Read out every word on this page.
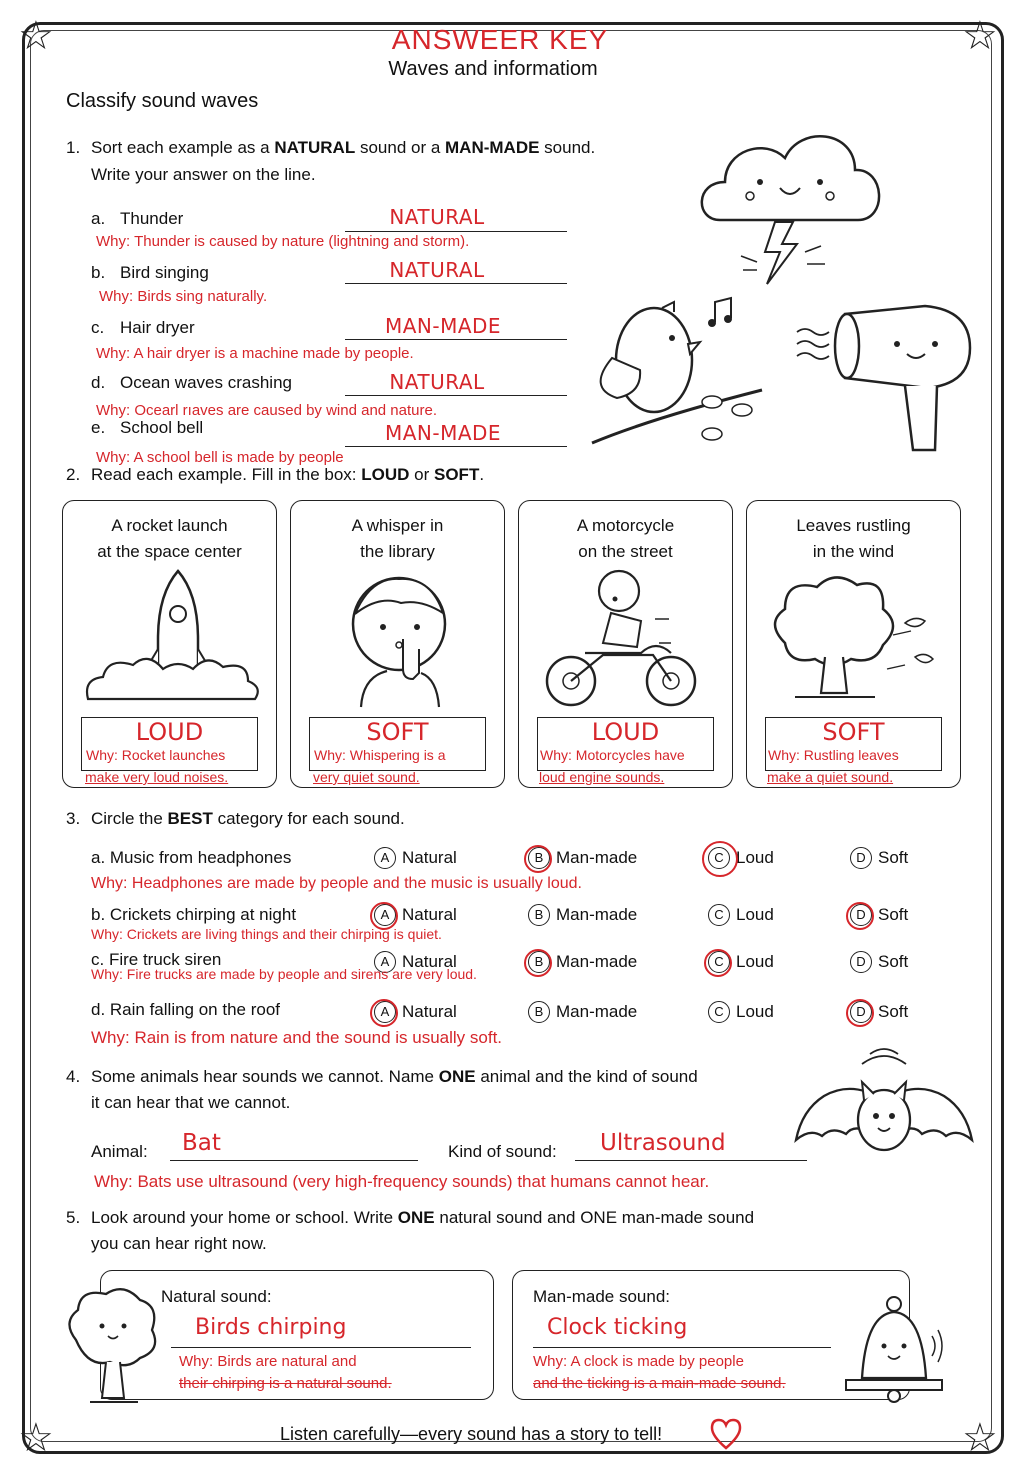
☆	☆
☆	☆
ANSWEER KEY
Waves and informatiom
Classify sound waves
1. Sort each example as a NATURAL sound or a MAN-MADE sound.
Write your answer on the line.
a. Thunder	NATURAL
Why: Thunder is caused by nature (lightning and storm).
b. Bird singing	NATURAL
Why: Birds sing naturally.
c. Hair dryer	MAN-MADE
Why: A hair dryer is a machine made by people.
d. Ocean waves crashing	NATURAL
Why: Ocearl rıaves are caused by wind and nature.
e. School bell	MAN-MADE
Why: A school bell is made by people
2. Read each example. Fill in the box: LOUD or SOFT.
A rocket launch
at the space center
LOUD
Why: Rocket launches
make very loud noises.
A whisper in
the library
SOFT
Why: Whispering is a
very quiet sound.
A motorcycle
on the street
LOUD
Why: Motorcycles have
loud engine sounds.
Leaves rustling
in the wind
SOFT
Why: Rustling leaves
make a quiet sound.
3. Circle the BEST category for each sound.
a. Music from headphones	A Natural	B Man-made	C Loud	D Soft
Why: Headphones are made by people and the music is usually loud.
b. Crickets chirping at night	A Natural	B Man-made	C Loud	D Soft
Why: Crickets are living things and their chirping is quiet.
c. Fire truck siren	A Natural	B Man-made	C Loud	D Soft
Why: Fire trucks are made by people and sirens are very loud.
d. Rain falling on the roof	A Natural	B Man-made	C Loud	D Soft
Why: Rain is from nature and the sound is usually soft.
4. Some animals hear sounds we cannot. Name ONE animal and the kind of sound
it can hear that we cannot.
Animal: Bat	Kind of sound: Ultrasound
Why: Bats use ultrasound (very high-frequency sounds) that humans cannot hear.
5. Look around your home or school. Write ONE natural sound and ONE man-made sound
you can hear right now.
Natural sound:
Birds chirping
Why: Birds are natural and
their chirping is a natural sound.
Man-made sound:
Clock ticking
Why: A clock is made by people
and the ticking is a main-made sound.
Listen carefully—every sound has a story to tell!
